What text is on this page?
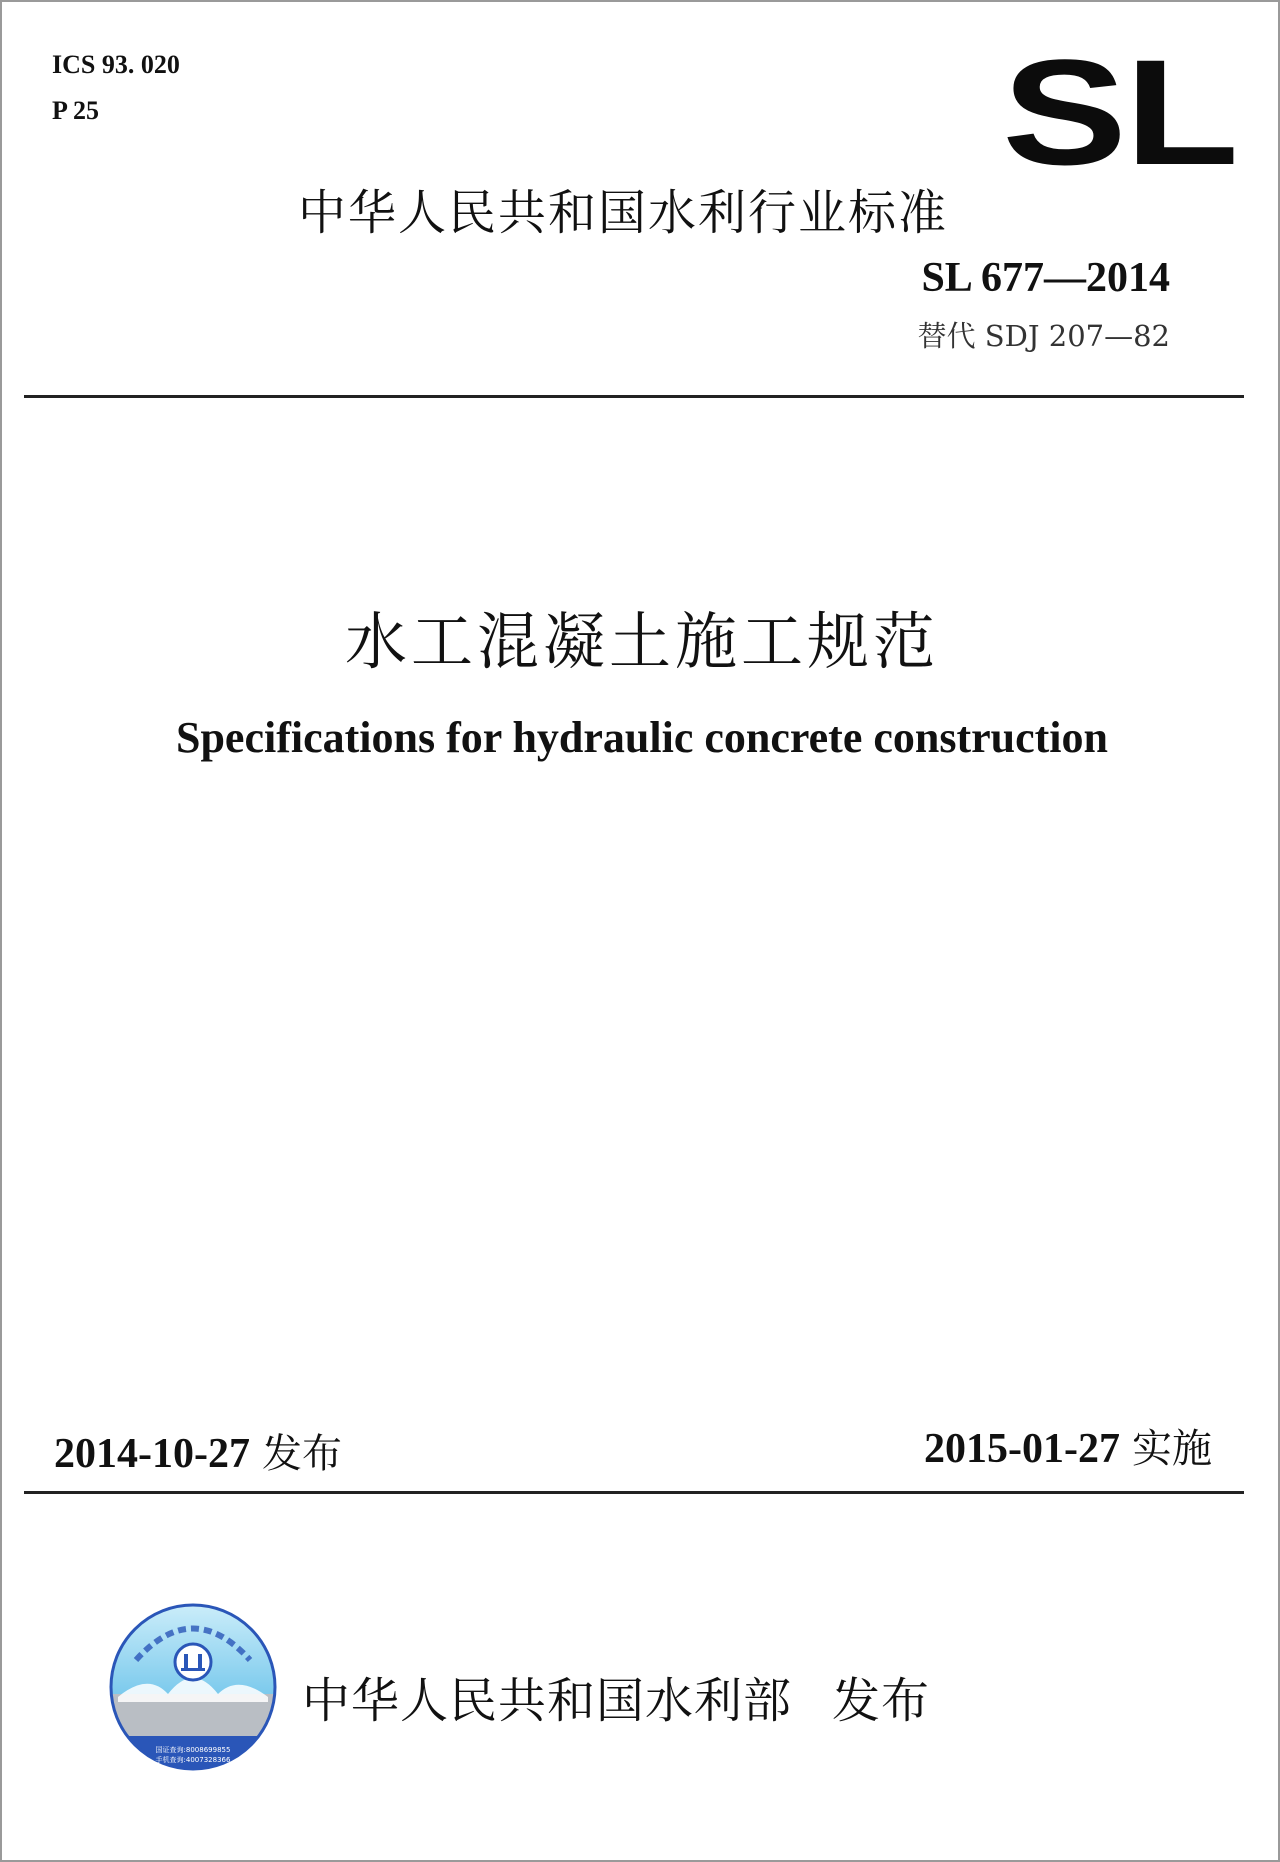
ICS 93. 020
P 25	SL
中华人民共和国水利行业标准
SL 677—2014
替代 SDJ 207—82
水工混凝土施工规范
Specifications for hydraulic concrete construction
2014-10-27 发布	2015-01-27 实施
国证查询:8008699855
手机查询:4007328366
中华人民共和国水利部 发布
